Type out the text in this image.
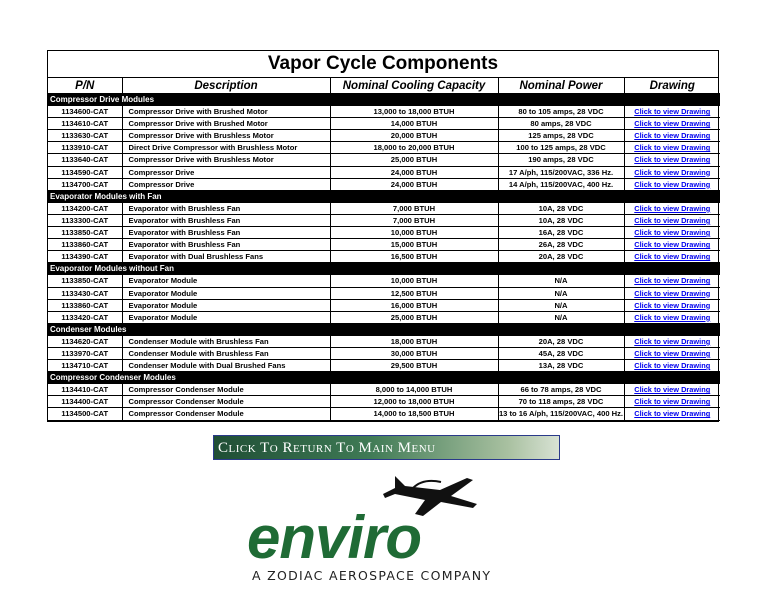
Vapor Cycle Components
P/N	Description	Nominal Cooling Capacity	Nominal Power	Drawing
Compressor Drive Modules				
1134600-CAT	Compressor Drive with Brushed Motor	13,000 to 18,000 BTUH	80 to 105 amps, 28 VDC	Click to view Drawing
1134610-CAT	Compressor Drive with Brushed Motor	14,000 BTUH	80 amps, 28 VDC	Click to view Drawing
1133630-CAT	Compressor Drive with Brushless Motor	20,000 BTUH	125 amps, 28 VDC	Click to view Drawing
1133910-CAT	Direct Drive Compressor with Brushless Motor	18,000 to 20,000 BTUH	100 to 125 amps, 28 VDC	Click to view Drawing
1133640-CAT	Compressor Drive with Brushless Motor	25,000 BTUH	190 amps, 28 VDC	Click to view Drawing
1134590-CAT	Compressor Drive	24,000 BTUH	17 A/ph, 115/200VAC, 336 Hz.	Click to view Drawing
1134700-CAT	Compressor Drive	24,000 BTUH	14 A/ph, 115/200VAC, 400 Hz.	Click to view Drawing
Evaporator Modules with Fan				
1134200-CAT	Evaporator with Brushless Fan	7,000 BTUH	10A, 28 VDC	Click to view Drawing
1133300-CAT	Evaporator with Brushless Fan	7,000 BTUH	10A, 28 VDC	Click to view Drawing
1133850-CAT	Evaporator with Brushless Fan	10,000 BTUH	16A, 28 VDC	Click to view Drawing
1133860-CAT	Evaporator with Brushless Fan	15,000 BTUH	26A, 28 VDC	Click to view Drawing
1134390-CAT	Evaporator with Dual Brushless Fans	16,500 BTUH	20A, 28 VDC	Click to view Drawing
Evaporator Modules without Fan				
1133850-CAT	Evaporator Module	10,000 BTUH	N/A	Click to view Drawing
1133430-CAT	Evaporator Module	12,500 BTUH	N/A	Click to view Drawing
1133860-CAT	Evaporator Module	16,000 BTUH	N/A	Click to view Drawing
1133420-CAT	Evaporator Module	25,000 BTUH	N/A	Click to view Drawing
Condenser Modules				
1134620-CAT	Condenser Module with Brushless Fan	18,000 BTUH	20A, 28 VDC	Click to view Drawing
1133970-CAT	Condenser Module with Brushless Fan	30,000 BTUH	45A, 28 VDC	Click to view Drawing
1134710-CAT	Condenser Module with Dual Brushed Fans	29,500 BTUH	13A, 28 VDC	Click to view Drawing
Compressor Condenser Modules				
1134410-CAT	Compressor Condenser Module	8,000 to 14,000 BTUH	66 to 78 amps, 28 VDC	Click to view Drawing
1134400-CAT	Compressor Condenser Module	12,000 to 18,000 BTUH	70 to 118 amps, 28 VDC	Click to view Drawing
1134500-CAT	Compressor Condenser Module	14,000 to 18,500 BTUH	13 to 16 A/ph, 115/200VAC, 400 Hz.	Click to view Drawing
Click To Return To Main Menu
enviro
A ZODIAC AEROSPACE COMPANY
